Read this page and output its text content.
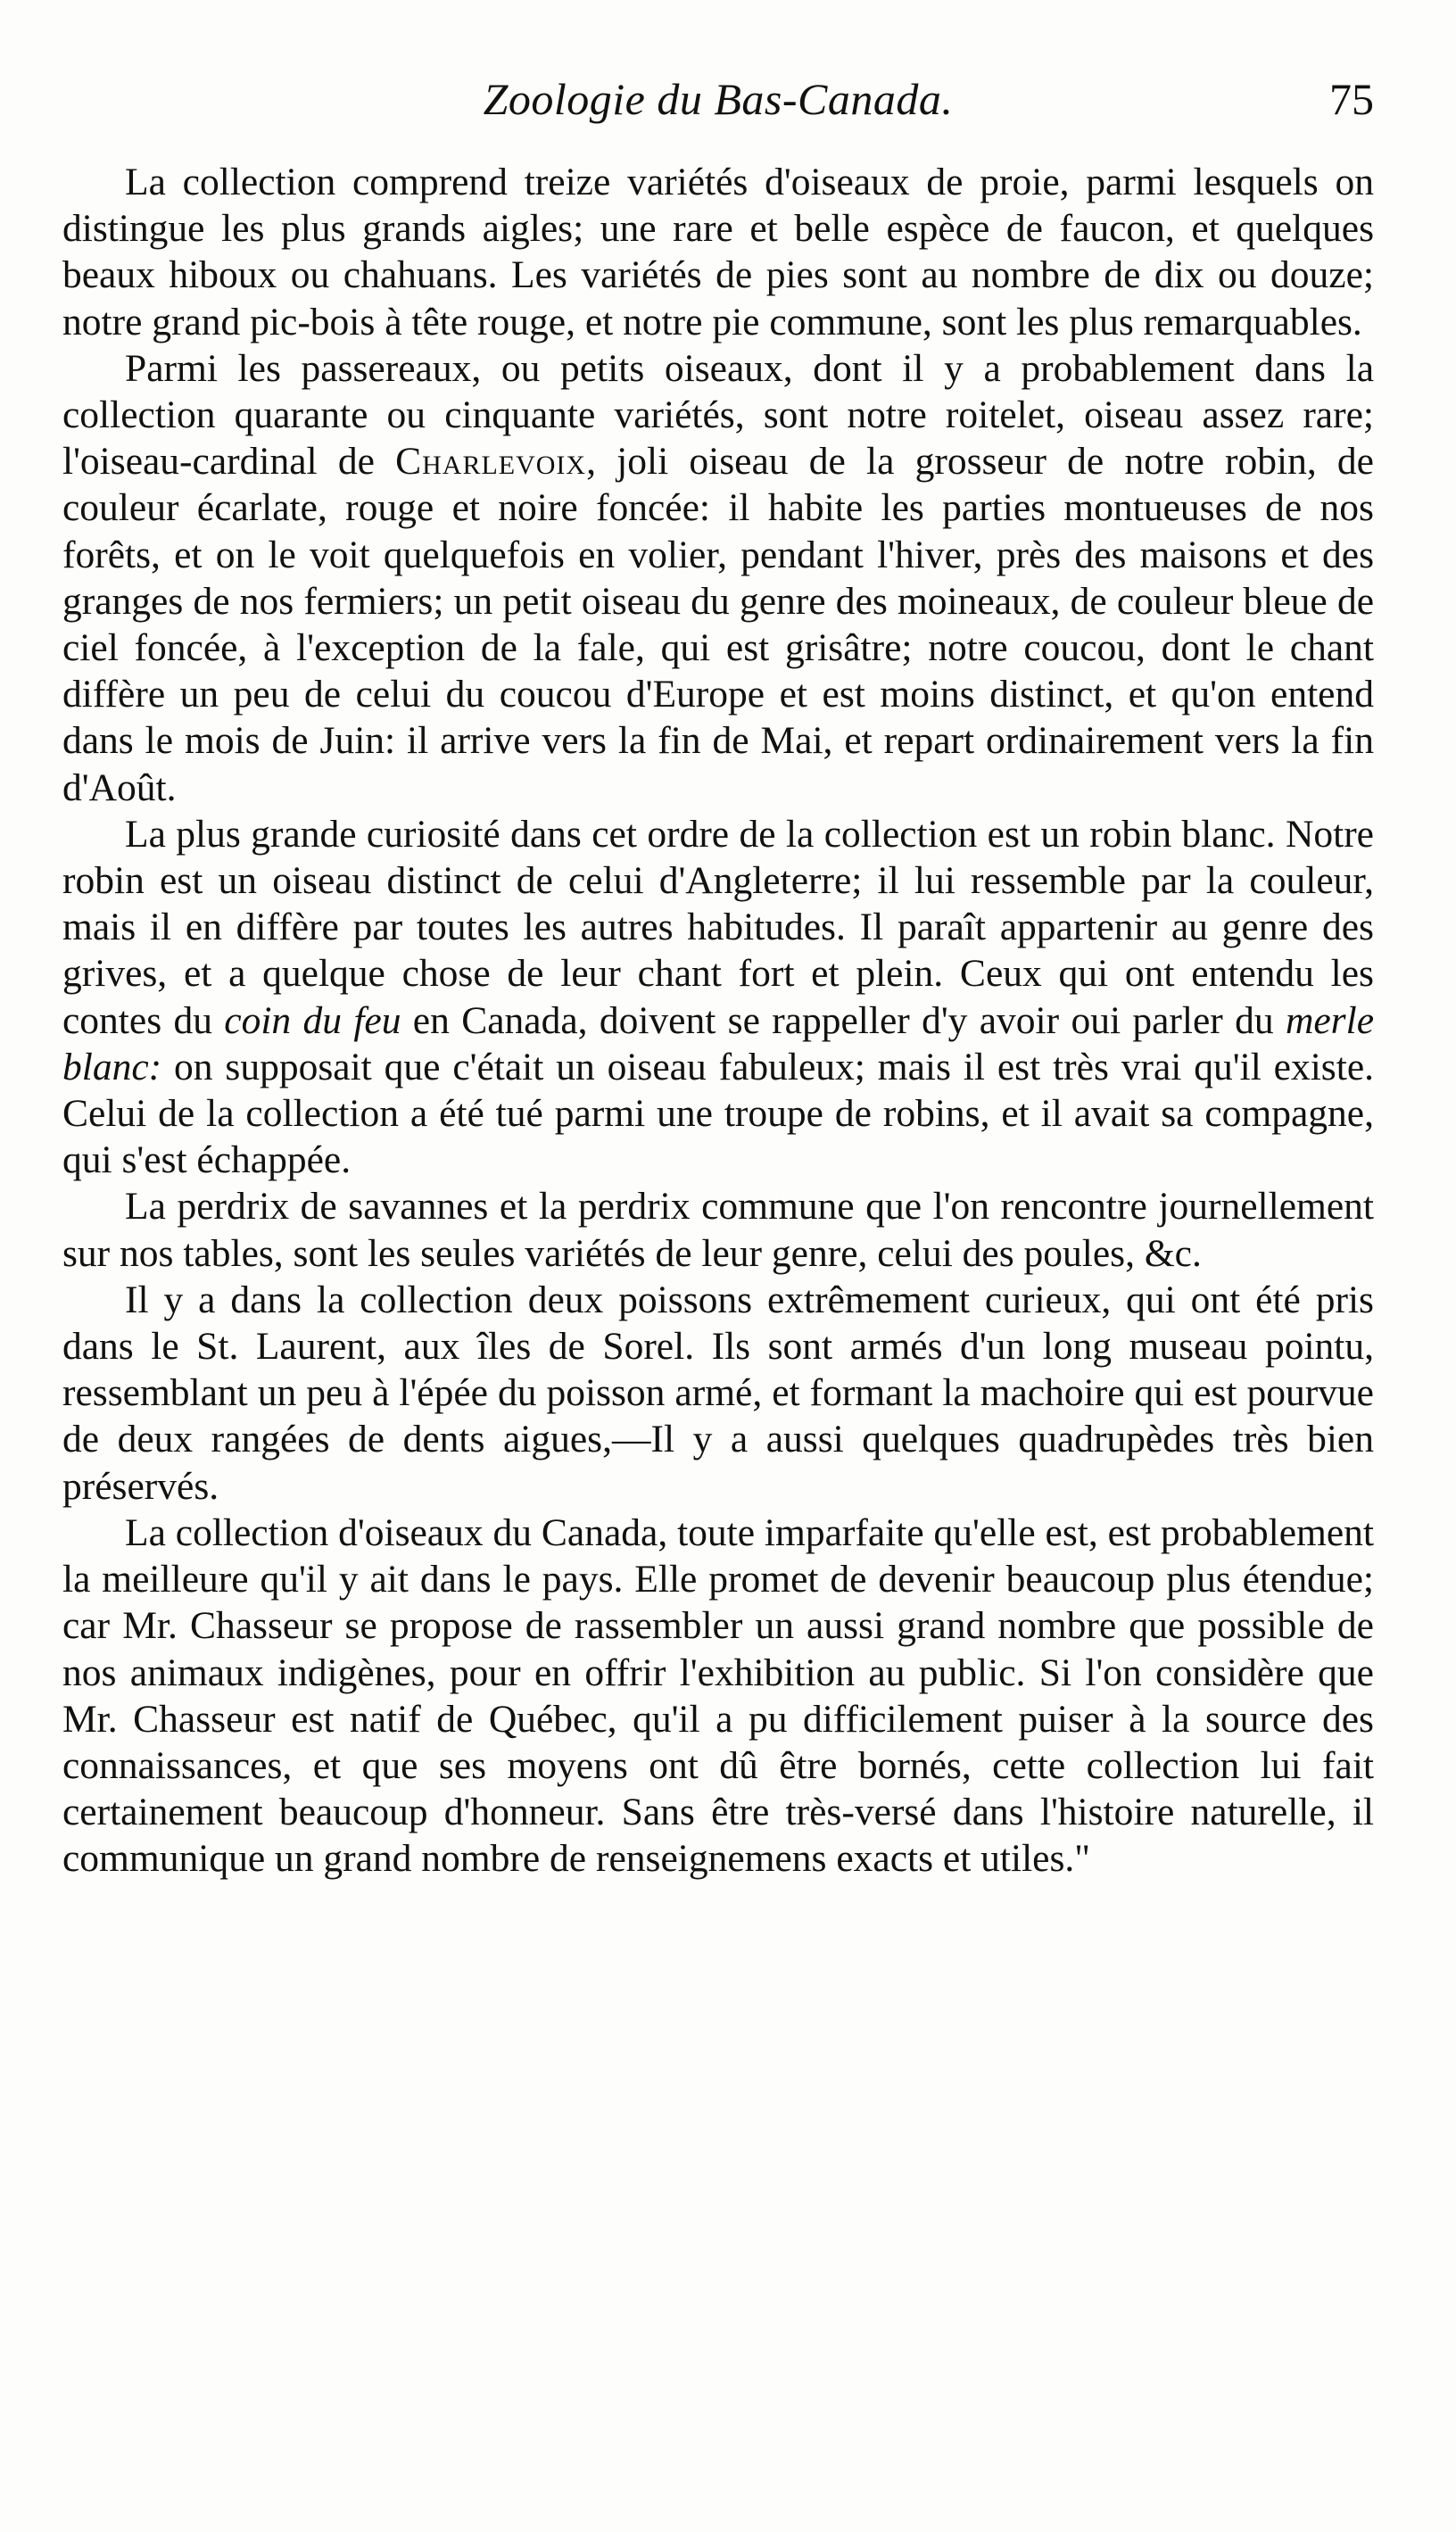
Zoologie du Bas-Canada.	75

La collection comprend treize variétés d'oiseaux de proie, parmi lesquels on distingue les plus grands aigles; une rare et belle espèce de faucon, et quelques beaux hiboux ou chahuans. Les variétés de pies sont au nombre de dix ou douze; notre grand pic-bois à tête rouge, et notre pie commune, sont les plus remarquables.

Parmi les passereaux, ou petits oiseaux, dont il y a probablement dans la collection quarante ou cinquante variétés, sont notre roitelet, oiseau assez rare; l'oiseau-cardinal de Charlevoix, joli oiseau de la grosseur de notre robin, de couleur écarlate, rouge et noire foncée: il habite les parties montueuses de nos forêts, et on le voit quelquefois en volier, pendant l'hiver, près des maisons et des granges de nos fermiers; un petit oiseau du genre des moineaux, de couleur bleue de ciel foncée, à l'exception de la fale, qui est grisâtre; notre coucou, dont le chant diffère un peu de celui du coucou d'Europe et est moins distinct, et qu'on entend dans le mois de Juin: il arrive vers la fin de Mai, et repart ordinairement vers la fin d'Août.

La plus grande curiosité dans cet ordre de la collection est un robin blanc. Notre robin est un oiseau distinct de celui d'Angleterre; il lui ressemble par la couleur, mais il en diffère par toutes les autres habitudes. Il paraît appartenir au genre des grives, et a quelque chose de leur chant fort et plein. Ceux qui ont entendu les contes du coin du feu en Canada, doivent se rappeller d'y avoir oui parler du merle blanc: on supposait que c'était un oiseau fabuleux; mais il est très vrai qu'il existe. Celui de la collection a été tué parmi une troupe de robins, et il avait sa compagne, qui s'est échappée.

La perdrix de savannes et la perdrix commune que l'on rencontre journellement sur nos tables, sont les seules variétés de leur genre, celui des poules, &c.

Il y a dans la collection deux poissons extrêmement curieux, qui ont été pris dans le St. Laurent, aux îles de Sorel. Ils sont armés d'un long museau pointu, ressemblant un peu à l'épée du poisson armé, et formant la machoire qui est pourvue de deux rangées de dents aigues,—Il y a aussi quelques quadrupèdes très bien préservés.

La collection d'oiseaux du Canada, toute imparfaite qu'elle est, est probablement la meilleure qu'il y ait dans le pays. Elle promet de devenir beaucoup plus étendue; car Mr. Chasseur se propose de rassembler un aussi grand nombre que possible de nos animaux indigènes, pour en offrir l'exhibition au public. Si l'on considère que Mr. Chasseur est natif de Québec, qu'il a pu difficilement puiser à la source des connaissances, et que ses moyens ont dû être bornés, cette collection lui fait certainement beaucoup d'honneur. Sans être très-versé dans l'histoire naturelle, il communique un grand nombre de renseignemens exacts et utiles."
